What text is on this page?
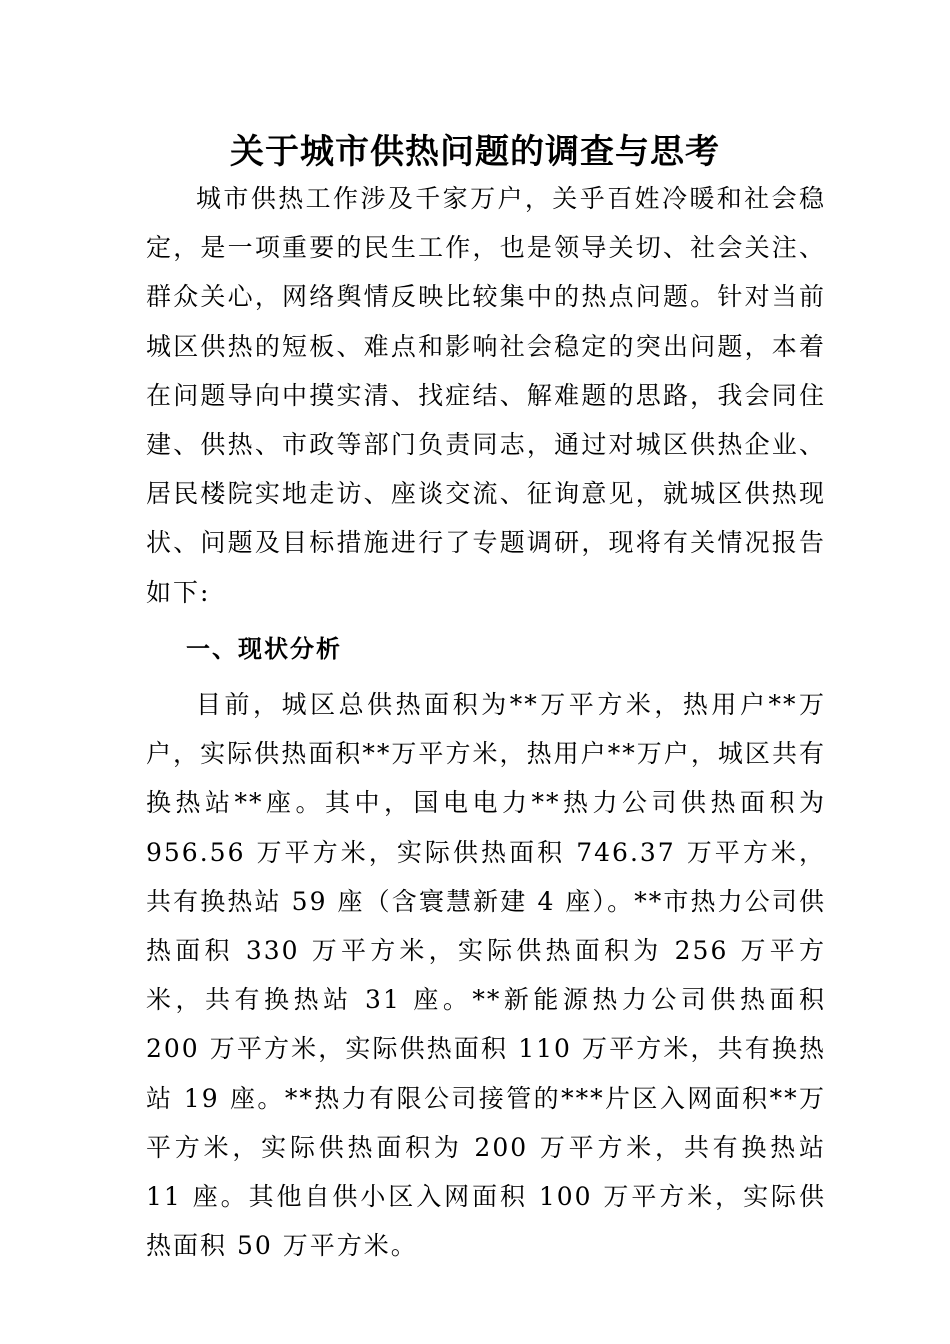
关于城市供热问题的调查与思考

城市供热工作涉及千家万户，关乎百姓冷暖和社会稳定，是一项重要的民生工作，也是领导关切、社会关注、群众关心，网络舆情反映比较集中的热点问题。针对当前城区供热的短板、难点和影响社会稳定的突出问题，本着在问题导向中摸实清、找症结、解难题的思路，我会同住建、供热、市政等部门负责同志，通过对城区供热企业、居民楼院实地走访、座谈交流、征询意见，就城区供热现状、问题及目标措施进行了专题调研，现将有关情况报告如下:

一、现状分析

目前，城区总供热面积为**万平方米，热用户**万户，实际供热面积**万平方米，热用户**万户，城区共有换热站**座。其中，国电电力**热力公司供热面积为 956.56 万平方米，实际供热面积 746.37 万平方米，共有换热站 59 座（含寰慧新建 4 座）。**市热力公司供热面积 330 万平方米，实际供热面积为 256 万平方米，共有换热站 31 座。**新能源热力公司供热面积 200 万平方米，实际供热面积 110 万平方米，共有换热站 19 座。**热力有限公司接管的***片区入网面积**万平方米，实际供热面积为 200 万平方米，共有换热站 11 座。其他自供小区入网面积 100 万平方米，实际供热面积 50 万平方米。
